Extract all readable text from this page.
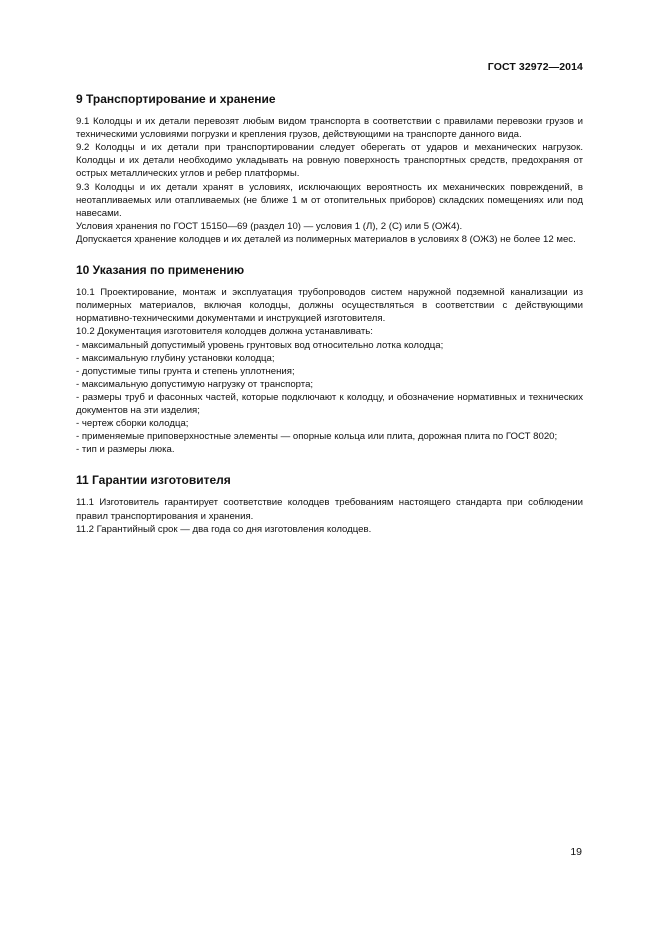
ГОСТ 32972—2014
9 Транспортирование и хранение

9.1 Колодцы и их детали перевозят любым видом транспорта в соответствии с правилами перевозки грузов и техническими условиями погрузки и крепления грузов, действующими на транспорте данного вида.

9.2 Колодцы и их детали при транспортировании следует оберегать от ударов и механических нагрузок. Колодцы и их детали необходимо укладывать на ровную поверхность транспортных средств, предохраняя от острых металлических углов и ребер платформы.

9.3 Колодцы и их детали хранят в условиях, исключающих вероятность их механических повреждений, в неотапливаемых или отапливаемых (не ближе 1 м от отопительных приборов) складских помещениях или под навесами.

Условия хранения по ГОСТ 15150—69 (раздел 10) — условия 1 (Л), 2 (С) или 5 (ОЖ4).

Допускается хранение колодцев и их деталей из полимерных материалов в условиях 8 (ОЖ3) не более 12 мес.

10 Указания по применению

10.1 Проектирование, монтаж и эксплуатация трубопроводов систем наружной подземной канализации из полимерных материалов, включая колодцы, должны осуществляться в соответствии с действующими нормативно-техническими документами и инструкцией изготовителя.

10.2 Документация изготовителя колодцев должна устанавливать:

- максимальный допустимый уровень грунтовых вод относительно лотка колодца;

- максимальную глубину установки колодца;

- допустимые типы грунта и степень уплотнения;

- максимальную допустимую нагрузку от транспорта;

- размеры труб и фасонных частей, которые подключают к колодцу, и обозначение нормативных и технических документов на эти изделия;

- чертеж сборки колодца;

- применяемые приповерхностные элементы — опорные кольца или плита, дорожная плита по ГОСТ 8020;

- тип и размеры люка.

11 Гарантии изготовителя

11.1 Изготовитель гарантирует соответствие колодцев требованиям настоящего стандарта при соблюдении правил транспортирования и хранения.

11.2 Гарантийный срок — два года со дня изготовления колодцев.

19
